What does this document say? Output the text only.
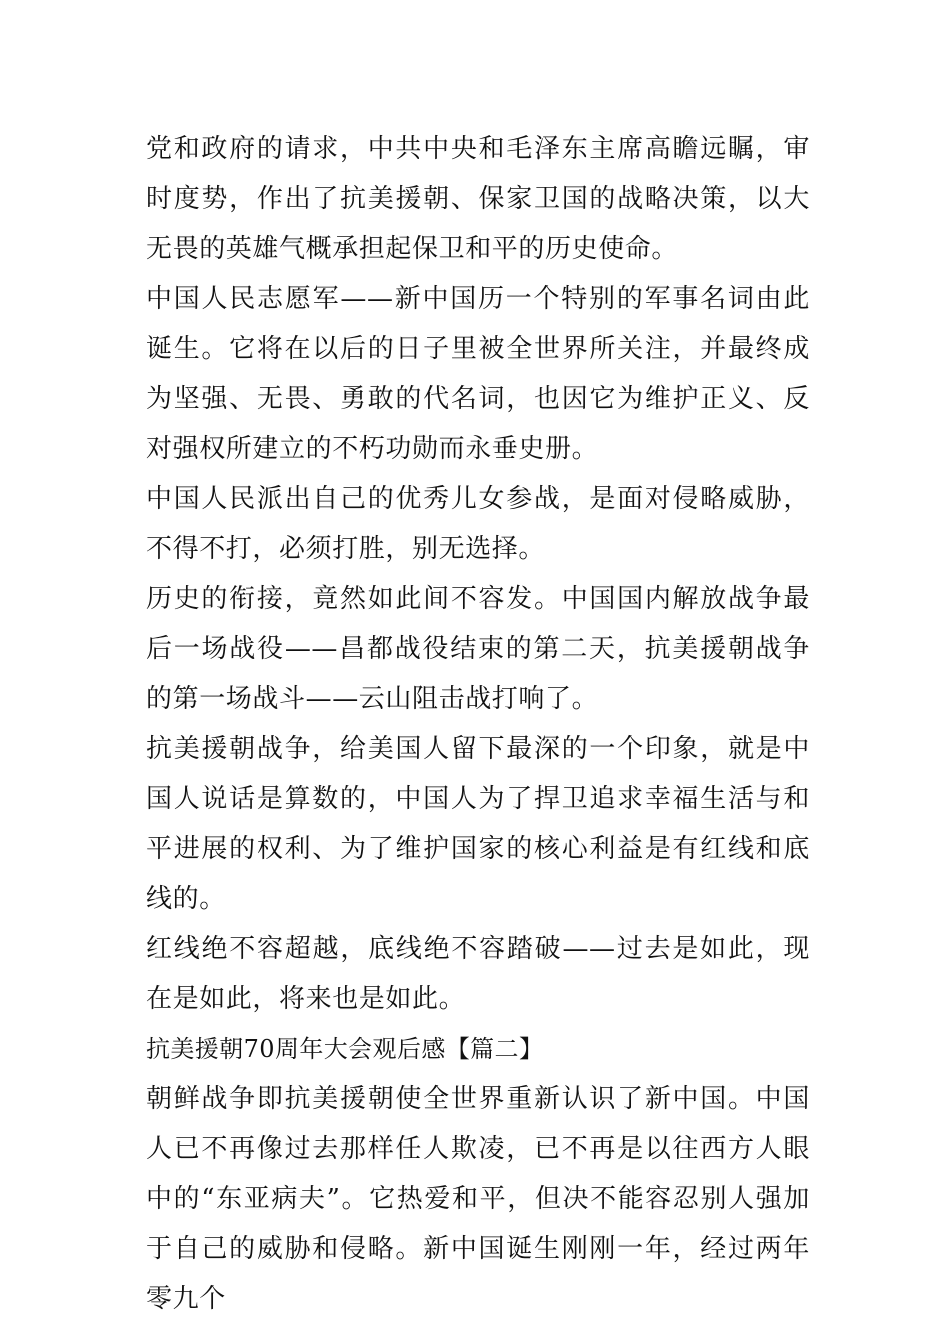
党和政府的请求，中共中央和毛泽东主席高瞻远瞩，审时度势，作出了抗美援朝、保家卫国的战略决策，以大无畏的英雄气概承担起保卫和平的历史使命。

中国人民志愿军——新中国历一个特别的军事名词由此诞生。它将在以后的日子里被全世界所关注，并最终成为坚强、无畏、勇敢的代名词，也因它为维护正义、反对强权所建立的不朽功勋而永垂史册。

中国人民派出自己的优秀儿女参战，是面对侵略威胁，不得不打，必须打胜，别无选择。

历史的衔接，竟然如此间不容发。中国国内解放战争最后一场战役——昌都战役结束的第二天，抗美援朝战争的第一场战斗——云山阻击战打响了。

抗美援朝战争，给美国人留下最深的一个印象，就是中国人说话是算数的，中国人为了捍卫追求幸福生活与和平进展的权利、为了维护国家的核心利益是有红线和底线的。

红线绝不容超越，底线绝不容踏破——过去是如此，现在是如此，将来也是如此。

抗美援朝70周年大会观后感【篇二】

朝鲜战争即抗美援朝使全世界重新认识了新中国。中国人已不再像过去那样任人欺凌，已不再是以往西方人眼中的“东亚病夫”。它热爱和平，但决不能容忍别人强加于自己的威胁和侵略。新中国诞生刚刚一年，经过两年零九个
